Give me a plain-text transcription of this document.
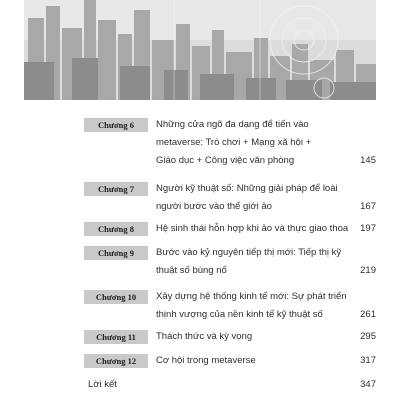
Chương 6	Những cửa ngõ đa dạng để tiến vào
metaverse: Trò chơi + Mạng xã hội +
Giáo dục + Công việc văn phòng	145
Chương 7	Người kỹ thuật số: Những giải pháp để loài
người bước vào thế giới ảo	167
Chương 8	Hệ sinh thái hỗn hợp khi ảo và thực giao thoa	197
Chương 9	Bước vào kỷ nguyên tiếp thị mới: Tiếp thị kỹ
thuật số bùng nổ	219
Chương 10	Xây dựng hệ thống kinh tế mới: Sự phát triển
thịnh vượng của nền kinh tế kỹ thuật số	261
Chương 11	Thách thức và kỳ vọng	295
Chương 12	Cơ hội trong metaverse	317
Lời kết	347
